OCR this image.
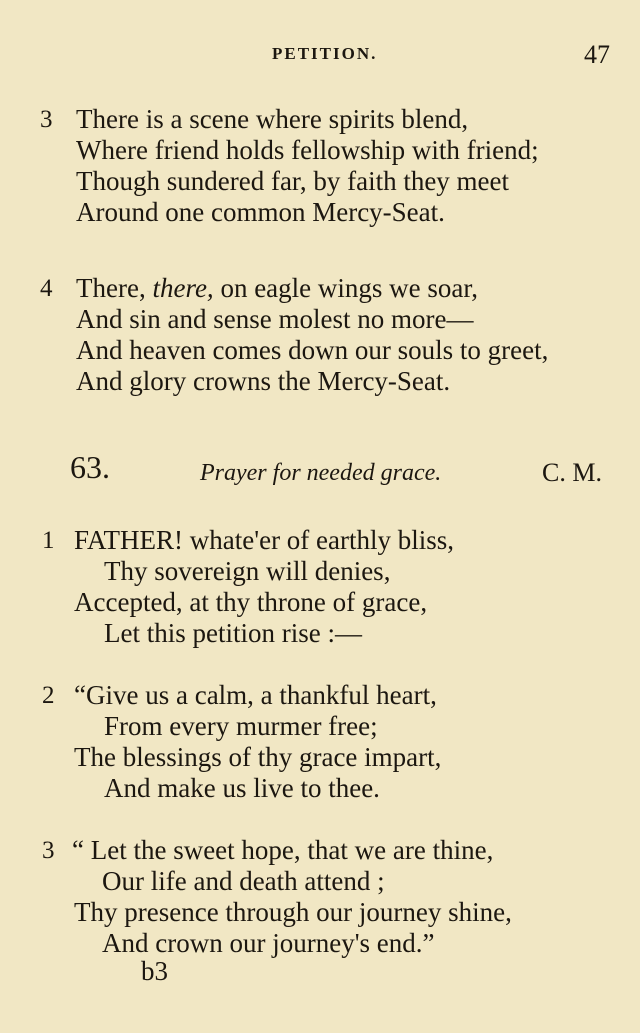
PETITION.	47
3 There is a scene where spirits blend,
Where friend holds fellowship with friend;
Though sundered far, by faith they meet
Around one common Mercy-Seat.
4 There, there, on eagle wings we soar,
And sin and sense molest no more—
And heaven comes down our souls to greet,
And glory crowns the Mercy-Seat.
63.	Prayer for needed grace.	C. M.
1 FATHER! whate'er of earthly bliss,
Thy sovereign will denies,
Accepted, at thy throne of grace,
Let this petition rise :—
2 “Give us a calm, a thankful heart,
From every murmer free;
The blessings of thy grace impart,
And make us live to thee.
3 “ Let the sweet hope, that we are thine,
Our life and death attend ;
Thy presence through our journey shine,
And crown our journey's end.”
b3
